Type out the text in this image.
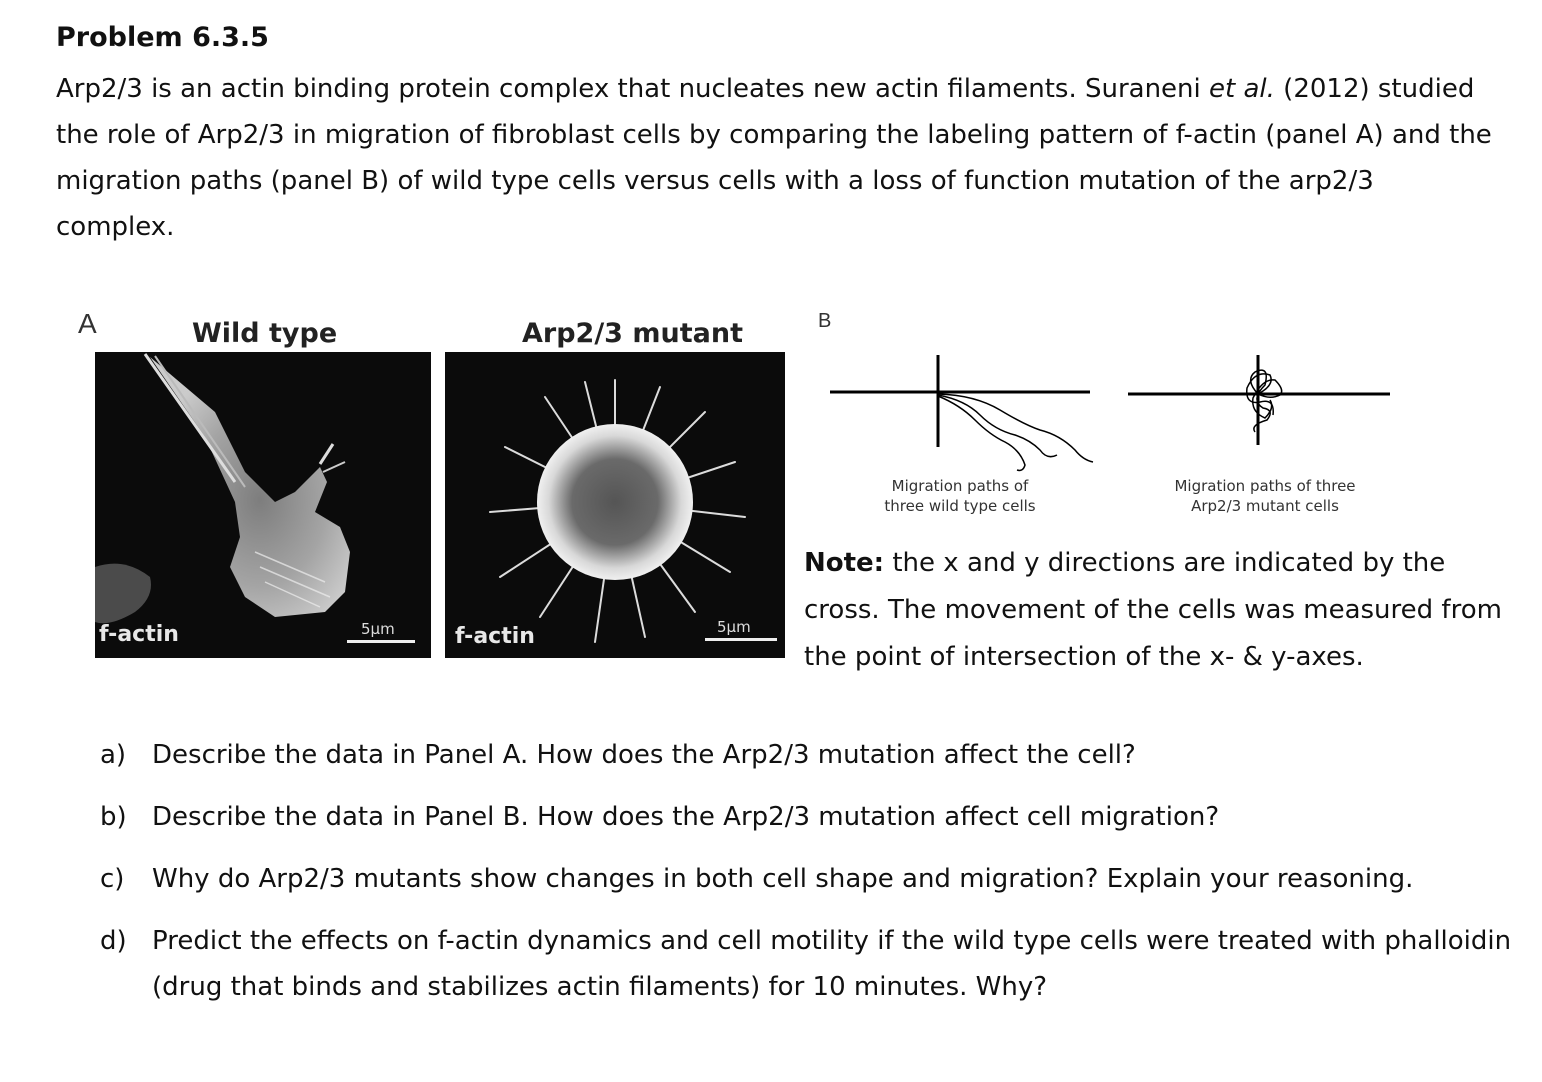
Problem 6.3.5
Arp2/3 is an actin binding protein complex that nucleates new actin filaments. Suraneni et al. (2012) studied the role of Arp2/3 in migration of fibroblast cells by comparing the labeling pattern of f-actin (panel A) and the migration paths (panel B) of wild type cells versus cells with a loss of function mutation of the arp2/3 complex.
A	Wild type	Arp2/3 mutant
f-actin	5μm	f-actin	5μm
B
Migration paths of
three wild type cells
Migration paths of three
Arp2/3 mutant cells
Note: the x and y directions are indicated by the cross. The movement of the cells was measured from the point of intersection of the x- & y-axes.
a) Describe the data in Panel A. How does the Arp2/3 mutation affect the cell?
b) Describe the data in Panel B. How does the Arp2/3 mutation affect cell migration?
c)	Why do Arp2/3 mutants show changes in both cell shape and migration? Explain your reasoning.
d) Predict the effects on f-actin dynamics and cell motility if the wild type cells were treated with phalloidin (drug that binds and stabilizes actin filaments) for 10 minutes. Why?
